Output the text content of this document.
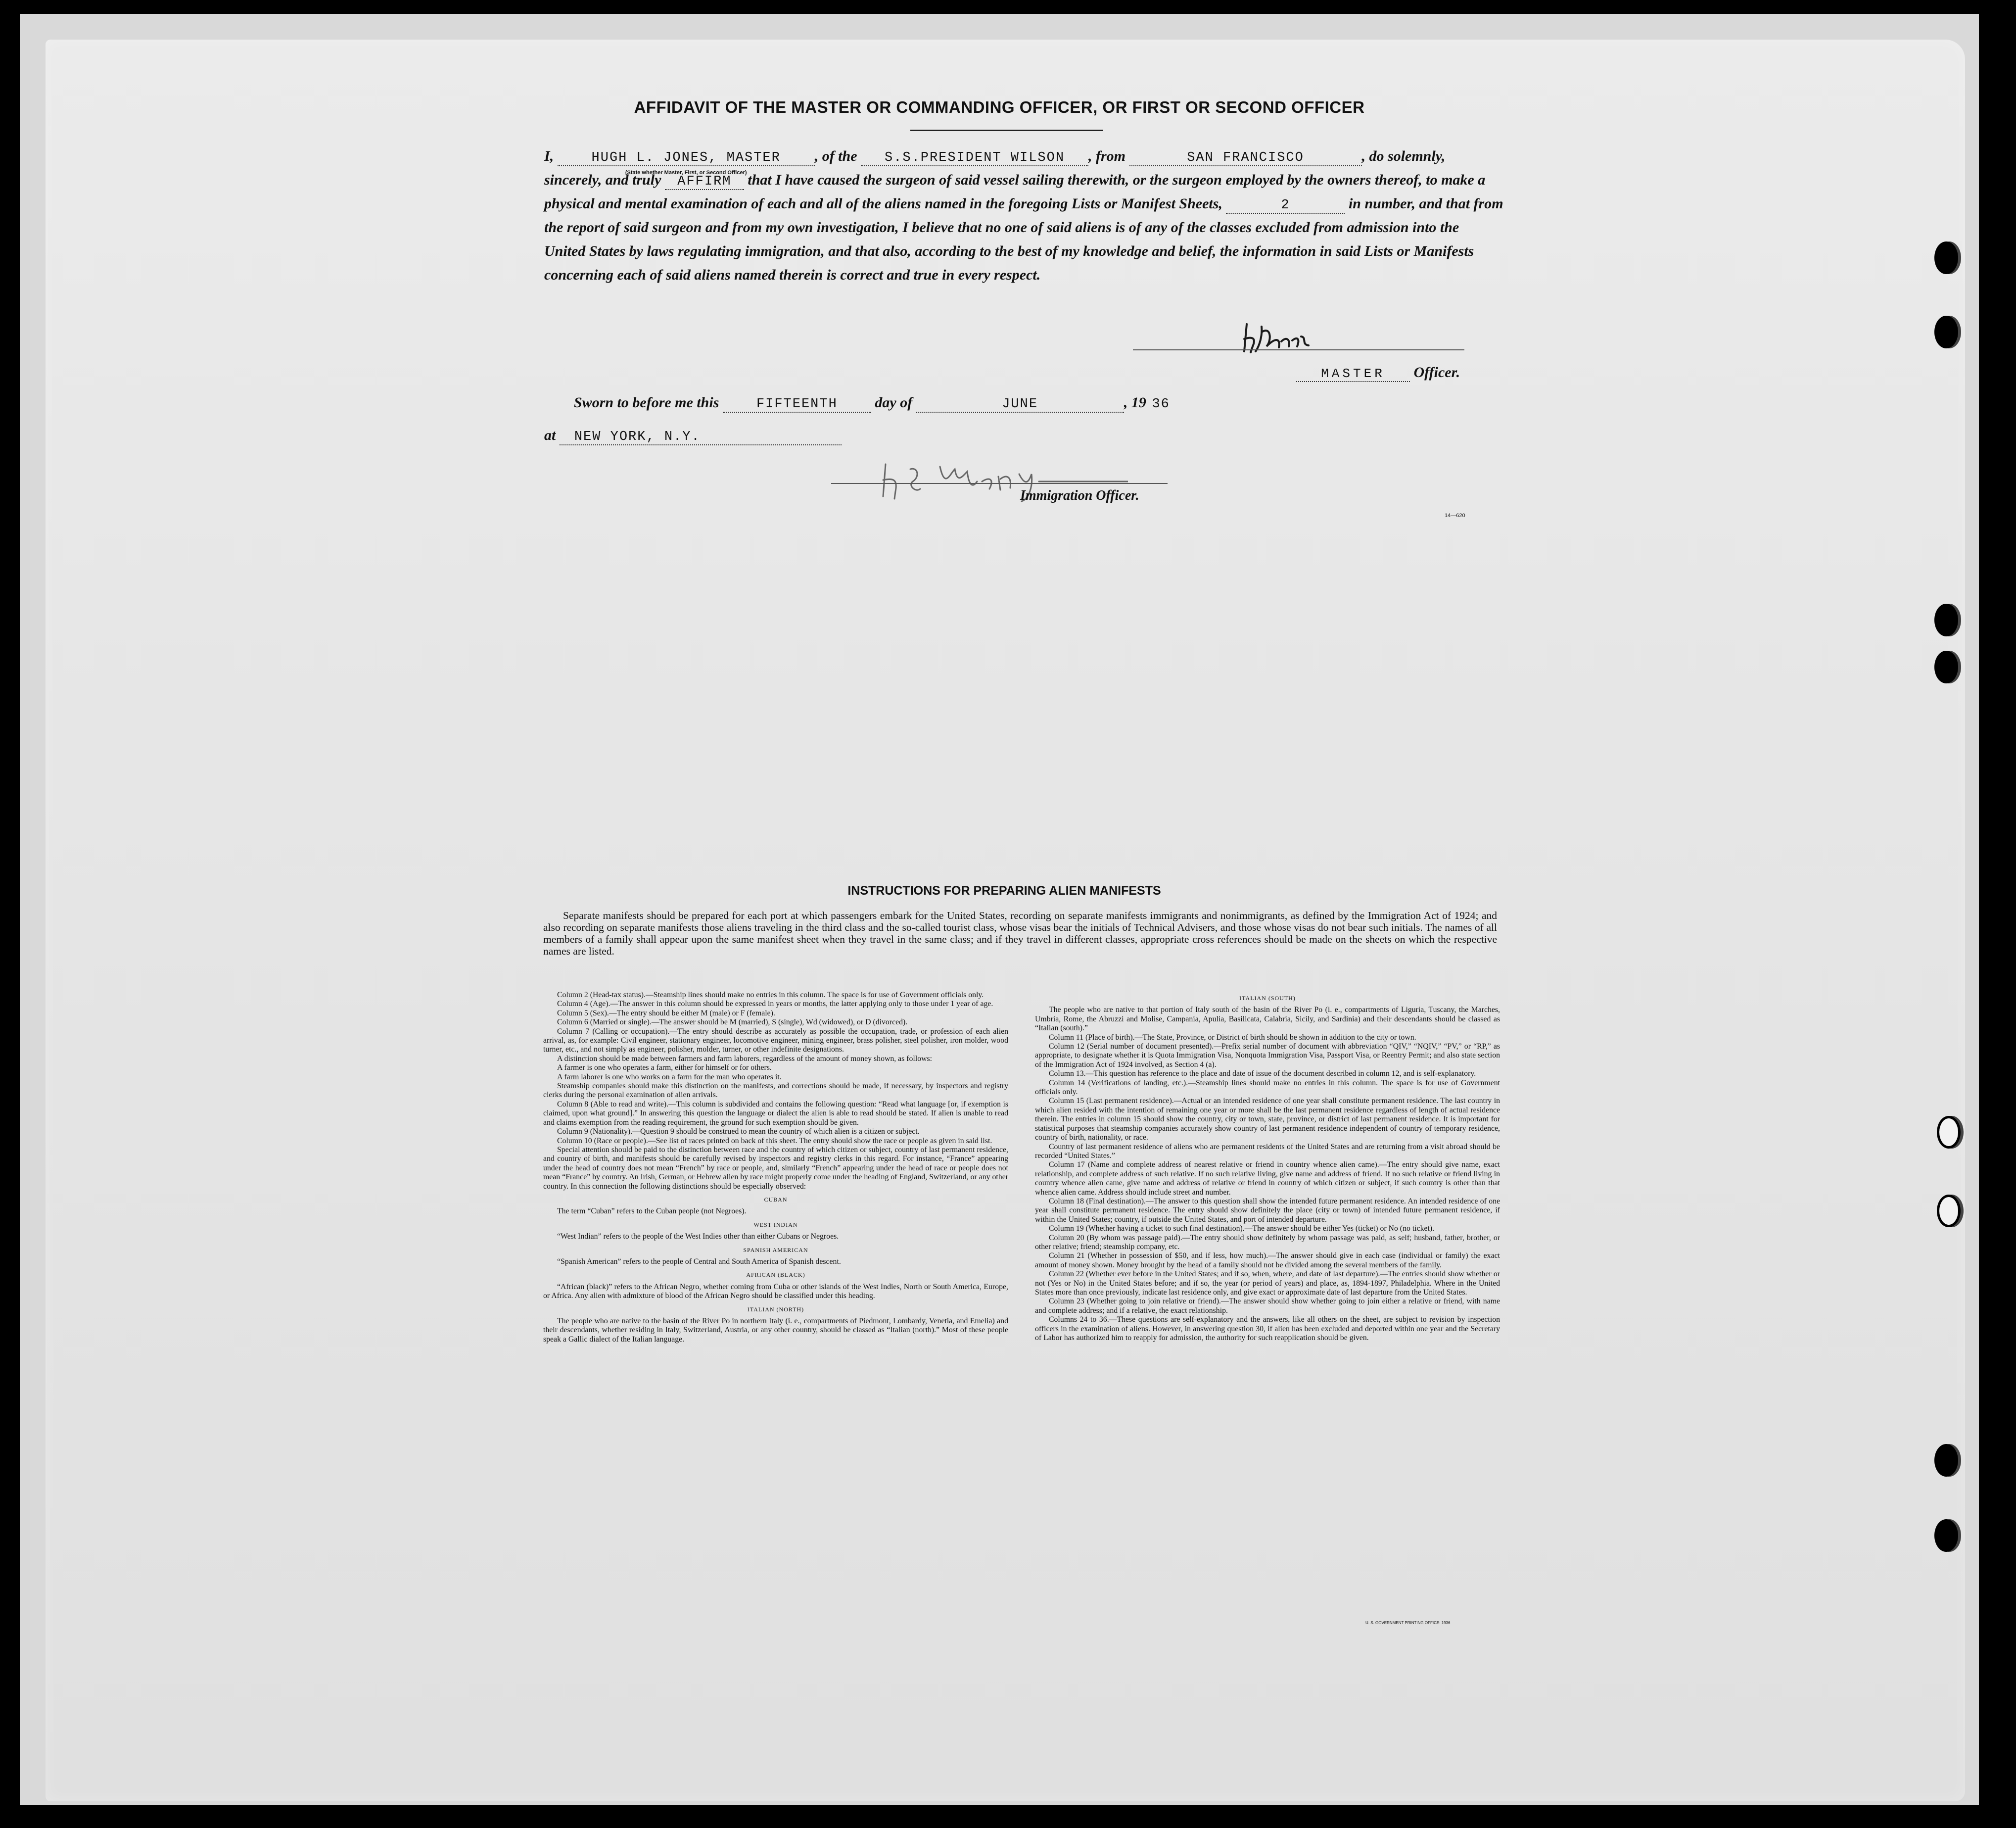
AFFIDAVIT OF THE MASTER OR COMMANDING OFFICER, OR FIRST OR SECOND OFFICER
I,	HUGH L. JONES, MASTER
(State whether Master, First, or Second Officer)
, of the S.S.PRESIDENT WILSON , from	SAN FRANCISCO	, do solemnly, sincerely, and truly AFFIRM that I have caused the surgeon of said vessel sailing therewith, or the surgeon employed by the owners thereof, to make a physical and mental examination of each and all of the aliens named in the foregoing Lists or Manifest Sheets,	2	in number, and that from the report of said surgeon and from my own investigation, I believe that no one of said aliens is of any of the classes excluded from admission into the United States by laws regulating immigration, and that also, according to the best of my knowledge and belief, the information in said Lists or Manifests concerning each of said aliens named therein is correct and true in every respect.
MASTER Officer.
Sworn to before me this	FIFTEENTH	day of	JUNE	, 19 36
at NEW YORK, N.Y.
Immigration Officer.
14—620
INSTRUCTIONS FOR PREPARING ALIEN MANIFESTS
Separate manifests should be prepared for each port at which passengers embark for the United States, recording on separate manifests immigrants and nonimmigrants, as defined by the Immigration Act of 1924; and also recording on separate manifests those aliens traveling in the third class and the so-called tourist class, whose visas bear the initials of Technical Advisers, and those whose visas do not bear such initials. The names of all members of a family shall appear upon the same manifest sheet when they travel in the same class; and if they travel in different classes, appropriate cross references should be made on the sheets on which the respective names are listed.

Column 2 (Head-tax status).—Steamship lines should make no entries in this column. The space is for use of Government officials only.

Column 4 (Age).—The answer in this column should be expressed in years or months, the latter applying only to those under 1 year of age.

Column 5 (Sex).—The entry should be either M (male) or F (female).

Column 6 (Married or single).—The answer should be M (married), S (single), Wd (widowed), or D (divorced).

Column 7 (Calling or occupation).—The entry should describe as accurately as possible the occupation, trade, or profession of each alien arrival, as, for example: Civil engineer, stationary engineer, locomotive engineer, mining engineer, brass polisher, steel polisher, iron molder, wood turner, etc., and not simply as engineer, polisher, molder, turner, or other indefinite designations.

A distinction should be made between farmers and farm laborers, regardless of the amount of money shown, as follows:

A farmer is one who operates a farm, either for himself or for others.

A farm laborer is one who works on a farm for the man who operates it.

Steamship companies should make this distinction on the manifests, and corrections should be made, if necessary, by inspectors and registry clerks during the personal examination of alien arrivals.

Column 8 (Able to read and write).—This column is subdivided and contains the following question: “Read what language [or, if exemption is claimed, upon what ground].” In answering this question the language or dialect the alien is able to read should be stated. If alien is unable to read and claims exemption from the reading requirement, the ground for such exemption should be given.

Column 9 (Nationality).—Question 9 should be construed to mean the country of which alien is a citizen or subject.

Column 10 (Race or people).—See list of races printed on back of this sheet. The entry should show the race or people as given in said list.

Special attention should be paid to the distinction between race and the country of which citizen or subject, country of last permanent residence, and country of birth, and manifests should be carefully revised by inspectors and registry clerks in this regard. For instance, “France” appearing under the head of country does not mean “French” by race or people, and, similarly “French” appearing under the head of race or people does not mean “France” by country. An Irish, German, or Hebrew alien by race might properly come under the heading of England, Switzerland, or any other country. In this connection the following distinctions should be especially observed:

CUBAN

The term “Cuban” refers to the Cuban people (not Negroes).

WEST INDIAN

“West Indian” refers to the people of the West Indies other than either Cubans or Negroes.

SPANISH AMERICAN

“Spanish American” refers to the people of Central and South America of Spanish descent.

AFRICAN (BLACK)

“African (black)” refers to the African Negro, whether coming from Cuba or other islands of the West Indies, North or South America, Europe, or Africa. Any alien with admixture of blood of the African Negro should be classified under this heading.

ITALIAN (NORTH)

The people who are native to the basin of the River Po in northern Italy (i. e., compartments of Piedmont, Lombardy, Venetia, and Emelia) and their descendants, whether residing in Italy, Switzerland, Austria, or any other country, should be classed as “Italian (north).” Most of these people speak a Gallic dialect of the Italian language.

ITALIAN (SOUTH)

The people who are native to that portion of Italy south of the basin of the River Po (i. e., compartments of Liguria, Tuscany, the Marches, Umbria, Rome, the Abruzzi and Molise, Campania, Apulia, Basilicata, Calabria, Sicily, and Sardinia) and their descendants should be classed as “Italian (south).”

Column 11 (Place of birth).—The State, Province, or District of birth should be shown in addition to the city or town.

Column 12 (Serial number of document presented).—Prefix serial number of document with abbreviation “QIV,” “NQIV,” “PV,” or “RP,” as appropriate, to designate whether it is Quota Immigration Visa, Nonquota Immigration Visa, Passport Visa, or Reentry Permit; and also state section of the Immigration Act of 1924 involved, as Section 4 (a).

Column 13.—This question has reference to the place and date of issue of the document described in column 12, and is self-explanatory.

Column 14 (Verifications of landing, etc.).—Steamship lines should make no entries in this column. The space is for use of Government officials only.

Column 15 (Last permanent residence).—Actual or an intended residence of one year shall constitute permanent residence. The last country in which alien resided with the intention of remaining one year or more shall be the last permanent residence regardless of length of actual residence therein. The entries in column 15 should show the country, city or town, state, province, or district of last permanent residence. It is important for statistical purposes that steamship companies accurately show country of last permanent residence independent of country of temporary residence, country of birth, nationality, or race.

Country of last permanent residence of aliens who are permanent residents of the United States and are returning from a visit abroad should be recorded “United States.”

Column 17 (Name and complete address of nearest relative or friend in country whence alien came).—The entry should give name, exact relationship, and complete address of such relative. If no such relative living, give name and address of friend. If no such relative or friend living in country whence alien came, give name and address of relative or friend in country of which citizen or subject, if such country is other than that whence alien came. Address should include street and number.

Column 18 (Final destination).—The answer to this question shall show the intended future permanent residence. An intended residence of one year shall constitute permanent residence. The entry should show definitely the place (city or town) of intended future permanent residence, if within the United States; country, if outside the United States, and port of intended departure.

Column 19 (Whether having a ticket to such final destination).—The answer should be either Yes (ticket) or No (no ticket).

Column 20 (By whom was passage paid).—The entry should show definitely by whom passage was paid, as self; husband, father, brother, or other relative; friend; steamship company, etc.

Column 21 (Whether in possession of $50, and if less, how much).—The answer should give in each case (individual or family) the exact amount of money shown. Money brought by the head of a family should not be divided among the several members of the family.

Column 22 (Whether ever before in the United States; and if so, when, where, and date of last departure).—The entries should show whether or not (Yes or No) in the United States before; and if so, the year (or period of years) and place, as, 1894-1897, Philadelphia. Where in the United States more than once previously, indicate last residence only, and give exact or approximate date of last departure from the United States.

Column 23 (Whether going to join relative or friend).—The answer should show whether going to join either a relative or friend, with name and complete address; and if a relative, the exact relationship.

Columns 24 to 36.—These questions are self-explanatory and the answers, like all others on the sheet, are subject to revision by inspection officers in the examination of aliens. However, in answering question 30, if alien has been excluded and deported within one year and the Secretary of Labor has authorized him to reapply for admission, the authority for such reapplication should be given.

U. S. GOVERNMENT PRINTING OFFICE: 1936
